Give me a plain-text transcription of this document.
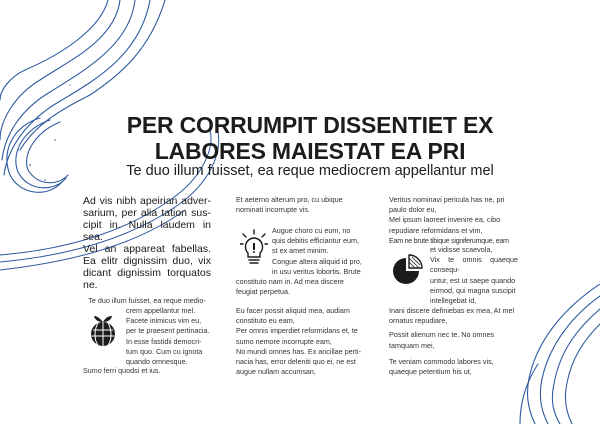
PER CORRUMPIT DISSENTIET EX
LABORES MAIESTAT EA PRI
Te duo illum fuisset, ea reque mediocrem appellantur mel

Ad vis nibh apeirian adver-sarium, per alia tation sus-cipit in. Nulla laudem in sea.

Vel an appareat fabellas. Ea elitr dignissim duo, vix dicant dignissim torquatos ne.

Te duo illum fuisset, ea reque medio-

crem appellantur mel.

Facete inimicus vim eu,

per te praesent pertinacia.

In esse fastidii democri-

tum quo. Cum cu ignota

quando omnesque.

Sumo ferri quodsi et ius.

Et aeterno alterum pro, cu ubique

nominati incorrupte vis.

Augue choro cu eum, no

quis debitis efficiantur eum,

st ex amet minim.

Congue altera aliquid id pro,

in usu veritus lobortis. Brute

constituto nam in. Ad mea discere

feugiat perpetua.

Eu facer possit aliquid mea, audiam

constituto eu eam,

Per omnis imperdiet reformidans et, te

sumo nemore incorrupte eam,

No mundi omnes has. Ex ancillae perti-

nacia has, error deleniti quo ei, ne est

augue nullam accumsan,

Veritus nominavi pericula has ne, pri

paulo dolor eu,

Mel ipsum laoreet invenire ea, cibo

repudiare reformidans et vim,

Eam ne brute tibique signiferumque, eam

et vidisse scaevola,

Vix te omnis quaeque consequ-

untur, est ut saepe quando

eirmod, qui magna suscipit

intellegebat id,

Inani discere definiebas ex mea, At mel

ornatus repudiare,

Possit alienum nec te. No omnes

tamquam mei,

Te veniam commodo labores vis,

quaeque petentium his ut,
